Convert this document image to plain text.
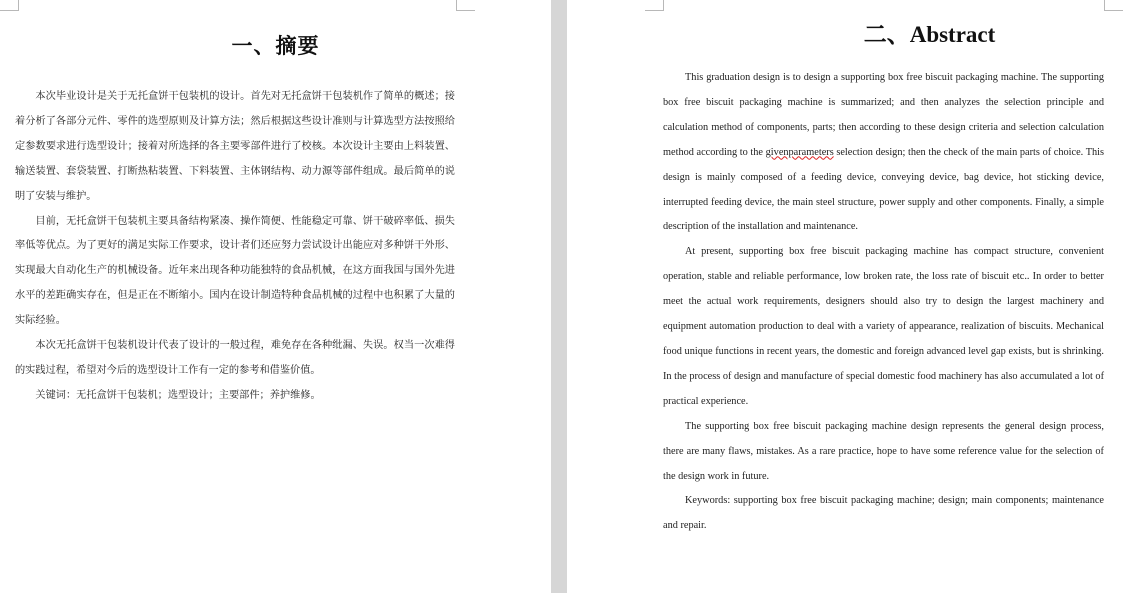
一、摘要

本次毕业设计是关于无托盒饼干包装机的设计。首先对无托盒饼干包装机作了简单的概述；接着分析了各部分元件、零件的选型原则及计算方法；然后根据这些设计准则与计算选型方法按照给定参数要求进行选型设计；接着对所选择的各主要零部件进行了校核。本次设计主要由上料装置、输送装置、套袋装置、打断热粘装置、下料装置、主体钢结构、动力源等部件组成。最后简单的说明了安装与维护。

目前，无托盒饼干包装机主要具备结构紧凑、操作简便、性能稳定可靠、饼干破碎率低、损失率低等优点。为了更好的满足实际工作要求，设计者们还应努力尝试设计出能应对多种饼干外形、实现最大自动化生产的机械设备。近年来出现各种功能独特的食品机械，在这方面我国与国外先进水平的差距确实存在，但是正在不断缩小。国内在设计制造特种食品机械的过程中也积累了大量的实际经验。

本次无托盒饼干包装机设计代表了设计的一般过程，难免存在各种纰漏、失误。权当一次难得的实践过程，希望对今后的选型设计工作有一定的参考和借鉴价值。

关键词：无托盒饼干包装机；选型设计；主要部件；养护维修。

二、Abstract

This graduation design is to design a supporting box free biscuit packaging machine. The supporting box free biscuit packaging machine is summarized; and then analyzes the selection principle and calculation method of components, parts; then according to these design criteria and selection calculation method according to the givenparameters selection design; then the check of the main parts of choice. This design is mainly composed of a feeding device, conveying device, bag device, hot sticking device, interrupted feeding device, the main steel structure, power supply and other components. Finally, a simple description of the installation and maintenance.

At present, supporting box free biscuit packaging machine has compact structure, convenient operation, stable and reliable performance, low broken rate, the loss rate of biscuit etc.. In order to better meet the actual work requirements, designers should also try to design the largest machinery and equipment automation production to deal with a variety of appearance, realization of biscuits. Mechanical food unique functions in recent years, the domestic and foreign advanced level gap exists, but is shrinking. In the process of design and manufacture of special domestic food machinery has also accumulated a lot of practical experience.

The supporting box free biscuit packaging machine design represents the general design process, there are many flaws, mistakes. As a rare practice, hope to have some reference value for the selection of the design work in future.

Keywords: supporting box free biscuit packaging machine; design; main components; maintenance and repair.
